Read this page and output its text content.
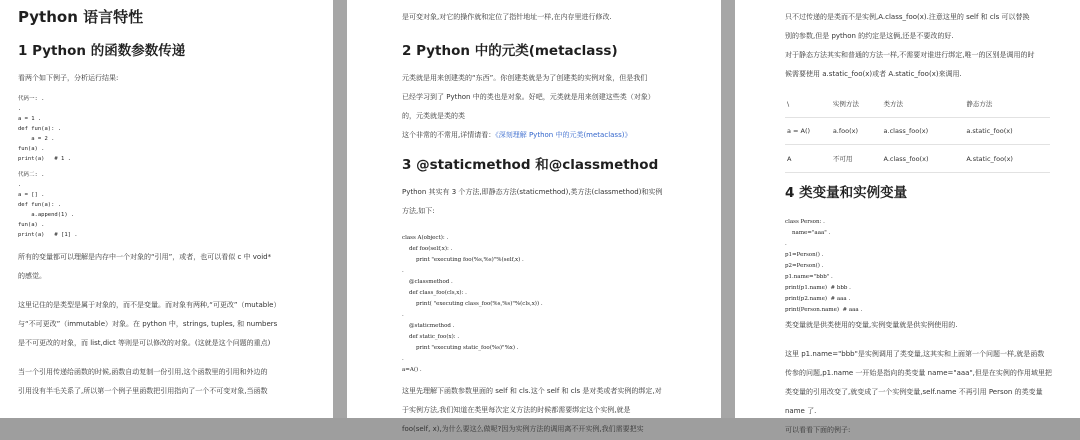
Python 语言特性
1 Python 的函数参数传递
看两个如下例子，分析运行结果:
代码一: .
.
a = 1 .
def fun(a): .
a = 2 .
fun(a) .
print(a)   # 1 .
代码二: .
.
a = [] .
def fun(a): .
a.append(1) .
fun(a) .
print(a)   # [1] .
所有的变量都可以理解是内存中一个对象的“引用”，或者，也可以看似 c 中 void*
的感觉。
这里记住的是类型是属于对象的，而不是变量。而对象有两种,“可更改”（mutable）
与“不可更改”（immutable）对象。在 python 中，strings, tuples, 和 numbers
是不可更改的对象，而 list,dict 等则是可以修改的对象。(这就是这个问题的重点)
当一个引用传递给函数的时候,函数自动复制一份引用,这个函数里的引用和外边的
引用没有半毛关系了,所以第一个例子里函数把引用指向了一个不可变对象,当函数
是可变对象,对它的操作就和定位了指针地址一样,在内存里进行修改.
2 Python 中的元类(metaclass)
元类就是用来创建类的“东西”。你创建类就是为了创建类的实例对象，但是我们
已经学习到了 Python 中的类也是对象。好吧，元类就是用来创建这些类（对象）
的，元类就是类的类
这个非常的不常用,详情请看：《深刻理解 Python 中的元类(metaclass)》
3 @staticmethod 和@classmethod
Python 其实有 3 个方法,即静态方法(staticmethod),类方法(classmethod)和实例
方法,如下:
class A(object): .
def foo(self,x): .
print "executing foo(%s,%s)"%(self,x) .
.
@classmethod .
def class_foo(cls,x): .
print( "executing class_foo(%s,%s)"%(cls,x)) .
.
@staticmethod .
def static_foo(x): .
print "executing static_foo(%s)"%x) .
.
a=A() .
这里先理解下函数参数里面的 self 和 cls.这个 self 和 cls 是对类或者实例的绑定,对
于实例方法,我们知道在类里每次定义方法的时候都需要绑定这个实例,就是
foo(self, x),为什么要这么做呢?因为实例方法的调用离不开实例,我们需要把实
只不过传递的是类而不是实例,A.class_foo(x).注意这里的 self 和 cls 可以替换
别的参数,但是 python 的约定是这俩,还是不要改的好.
对于静态方法其实和普通的方法一样,不需要对谁进行绑定,唯一的区别是调用的时
候需要使用 a.static_foo(x)或者 A.static_foo(x)来调用.
\	实例方法	类方法	静态方法
a = A()	a.foo(x)	a.class_foo(x)	a.static_foo(x)
A	不可用	A.class_foo(x)	A.static_foo(x)
4 类变量和实例变量
class Person: .
name="aaa" .
.
p1=Person() .
p2=Person() .
p1.name="bbb" .
print(p1.name)  # bbb .
print(p2.name)  # aaa .
print(Person.name)  # aaa .
类变量就是供类使用的变量,实例变量就是供实例使用的.
这里 p1.name="bbb"是实例调用了类变量,这其实和上面第一个问题一样,就是函数
传参的问题,p1.name 一开始是指向的类变量 name="aaa",但是在实例的作用域里把
类变量的引用改变了,就变成了一个实例变量,self.name 不再引用 Person 的类变量
name 了.
可以看看下面的例子:
